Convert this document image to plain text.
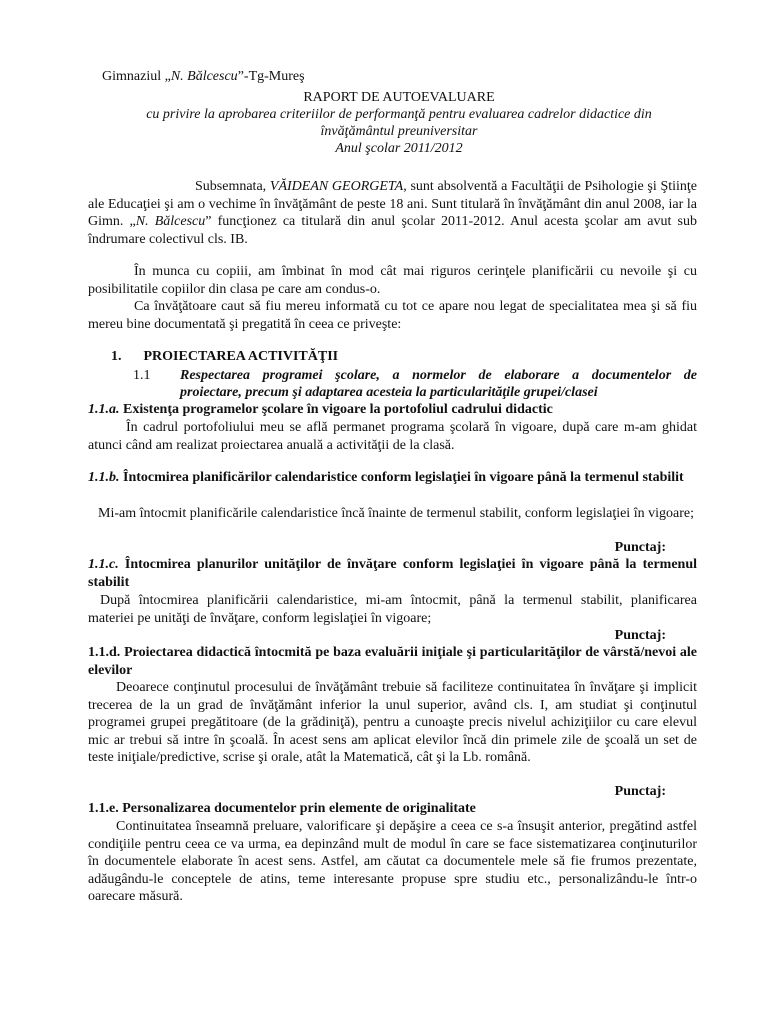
Gimnaziul „N. Bălcescu”-Tg-Mureş

RAPORT DE AUTOEVALUARE

cu privire la aprobarea criteriilor de performanţă pentru evaluarea cadrelor didactice din

învăţământul preuniversitar

Anul şcolar 2011/2012

Subsemnata, VĂIDEAN GEORGETA, sunt absolventă a Facultăţii de Psihologie şi Ştiinţe ale Educaţiei şi am o vechime în învăţământ de peste 18 ani. Sunt titulară în învăţământ din anul 2008, iar la Gimn. „N. Bălcescu” funcţionez ca titulară din anul şcolar 2011-2012. Anul acesta şcolar am avut sub îndrumare colectivul cls. IB.

În munca cu copiii, am îmbinat în mod cât mai riguros cerinţele planificării cu nevoile şi cu posibilitatile copiilor din clasa pe care am condus-o.

Ca învăţătoare caut să fiu mereu informată cu tot ce apare nou legat de specialitatea mea şi să fiu mereu bine documentată şi pregatită în ceea ce priveşte:

1. PROIECTAREA ACTIVITĂŢII

1.1	Respectarea programei şcolare, a normelor de elaborare a documentelor de

proiectare, precum şi adaptarea acesteia la particularităţile grupei/clasei

1.1.a. Existenţa programelor şcolare în vigoare la portofoliul cadrului didactic

În cadrul portofoliului meu se află permanet programa şcolară în vigoare, după care m-am ghidat atunci când am realizat proiectarea anuală a activităţii de la clasă.

1.1.b. Întocmirea planificărilor calendaristice conform legislaţiei în vigoare până la termenul stabilit

Mi-am întocmit planificările calendaristice încă înainte de termenul stabilit, conform legislaţiei în vigoare;

Punctaj:

1.1.c. Întocmirea planurilor unităţilor de învăţare conform legislaţiei în vigoare până la termenul stabilit

După întocmirea planificării calendaristice, mi-am întocmit, până la termenul stabilit, planificarea materiei pe unităţi de învăţare, conform legislaţiei în vigoare;

Punctaj:

1.1.d. Proiectarea didactică întocmită pe baza evaluării iniţiale şi particularităţilor de vârstă/nevoi ale elevilor

Deoarece conţinutul procesului de învăţământ trebuie să faciliteze continuitatea în învăţare şi implicit trecerea de la un grad de învăţământ inferior la unul superior, având cls. I, am studiat şi conţinutul programei grupei pregătitoare (de la grădiniţă), pentru a cunoaşte precis nivelul achiziţiilor cu care elevul mic ar trebui să intre în şcoală. În acest sens am aplicat elevilor încă din primele zile de şcoală un set de teste iniţiale/predictive, scrise şi orale, atât la Matematică, cât şi la Lb. română.

Punctaj:

1.1.e. Personalizarea documentelor prin elemente de originalitate

Continuitatea înseamnă preluare, valorificare şi depăşire a ceea ce s-a însuşit anterior, pregătind astfel condiţiile pentru ceea ce va urma, ea depinzând mult de modul în care se face sistematizarea conţinuturilor în documentele elaborate în acest sens. Astfel, am căutat ca documentele mele să fie frumos prezentate, adăugându-le conceptele de atins, teme interesante propuse spre studiu etc., personalizându-le într-o oarecare măsură.
